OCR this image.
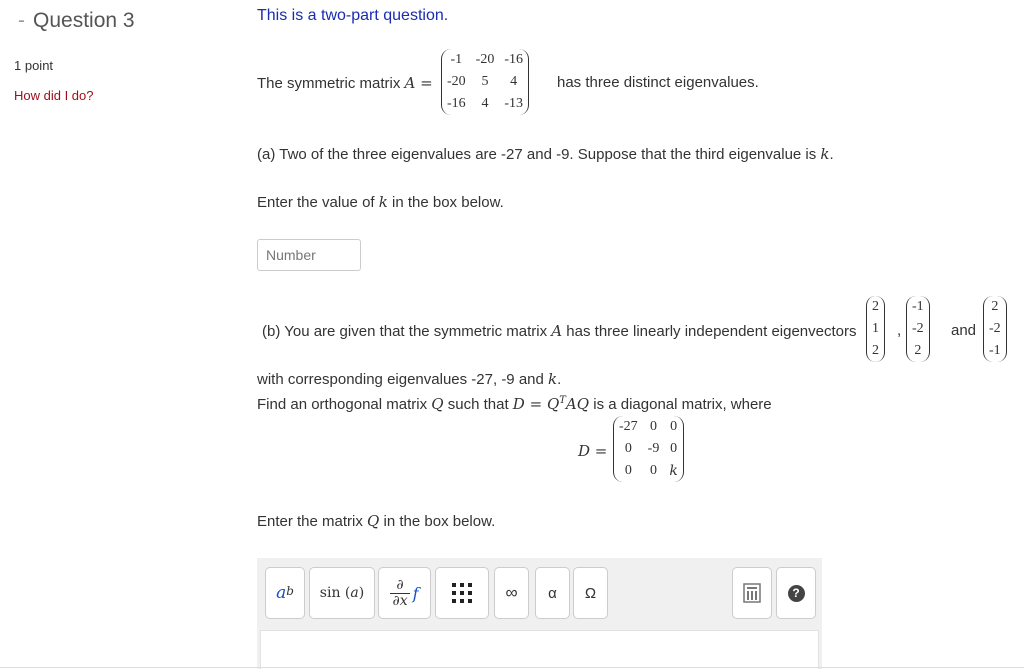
- Question 3
1 point
How did I do?
This is a two-part question.
The symmetric matrix A =
-1	-20	-16
-20	5	4
-16	4	-13
has three distinct eigenvalues.
(a) Two of the three eigenvalues are -27 and -9. Suppose that the third eigenvalue is k.
Enter the value of k in the box below.
Number
(b) You are given that the symmetric matrix A has three linearly independent eigenvectors
2
1
2
,
-1
-2
2
and
2
-2
-1
with corresponding eigenvalues -27, -9 and k.
Find an orthogonal matrix Q such that $D = Q^TAQ$ is a diagonal matrix, where
D =
-27	0	0
0	-9	0
0	0	k
Enter the matrix Q in the box below.
$a^b$ sin (a)
∂
∂x f	∞	α	Ω	?
